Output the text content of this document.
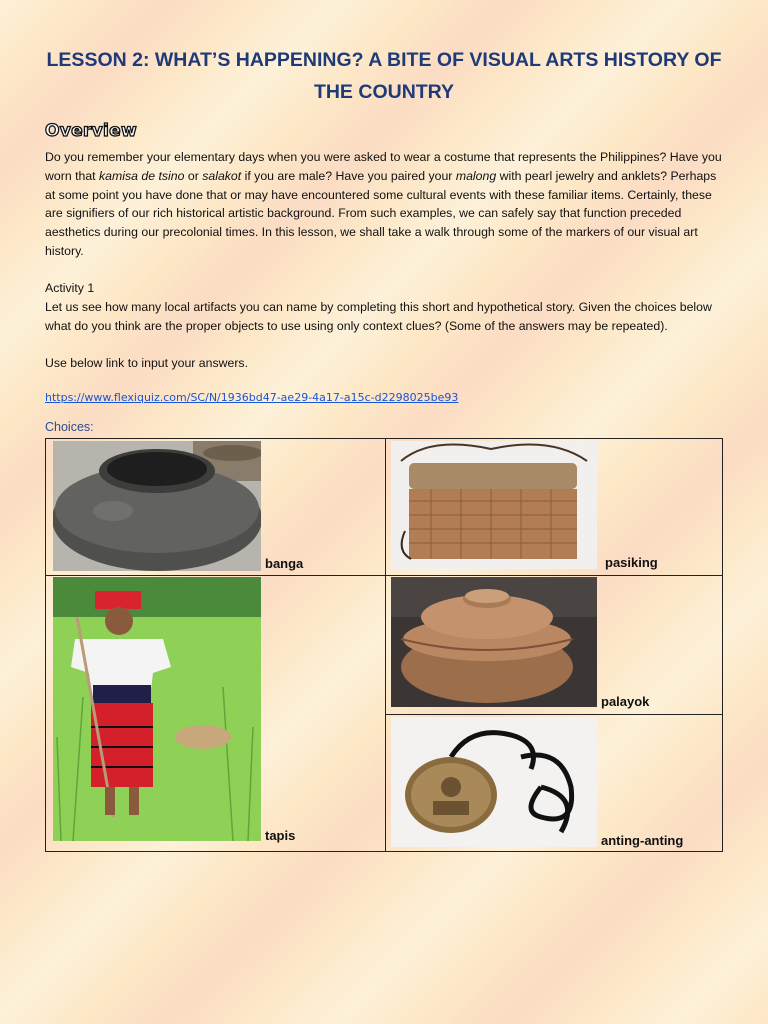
LESSON 2: WHAT’S HAPPENING? A BITE OF VISUAL ARTS HISTORY OF THE COUNTRY
Overview
Do you remember your elementary days when you were asked to wear a costume that represents the Philippines? Have you worn that kamisa de tsino or salakot if you are male? Have you paired your malong with pearl jewelry and anklets? Perhaps at some point you have done that or may have encountered some cultural events with these familiar items. Certainly, these are signifiers of our rich historical artistic background. From such examples, we can safely say that function preceded aesthetics during our precolonial times. In this lesson, we shall take a walk through some of the markers of our visual art history.
Activity 1
Let us see how many local artifacts you can name by completing this short and hypothetical story. Given the choices below what do you think are the proper objects to use using only context clues? (Some of the answers may be repeated).
Use below link to input your answers.
https://www.flexiquiz.com/SC/N/1936bd47-ae29-4a17-a15c-d2298025be93
Choices:
banga	pasiking
tapis
palayok
anting-anting
